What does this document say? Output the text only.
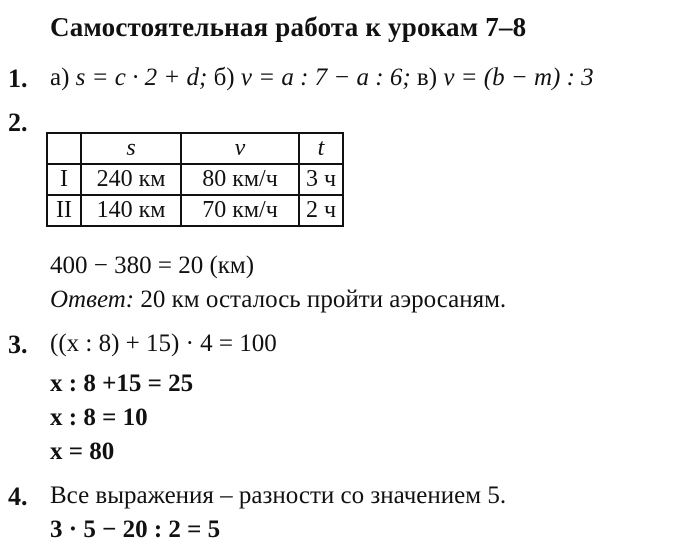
Самостоятельная работа к урокам 7–8
1. а) s = c · 2 + d; б) v = a : 7 − a : 6; в) v = (b − m) : 3
2.
	s	v	t
I	240 км	80 км/ч	3 ч
II	140 км	70 км/ч	2 ч
400 − 380 = 20 (км)
Ответ: 20 км осталось пройти аэросаням.
3. ((x : 8) + 15) · 4 = 100
x : 8 +15 = 25
x : 8 = 10
x = 80
4. Все выражения – разности со значением 5.
3 · 5 − 20 : 2 = 5
